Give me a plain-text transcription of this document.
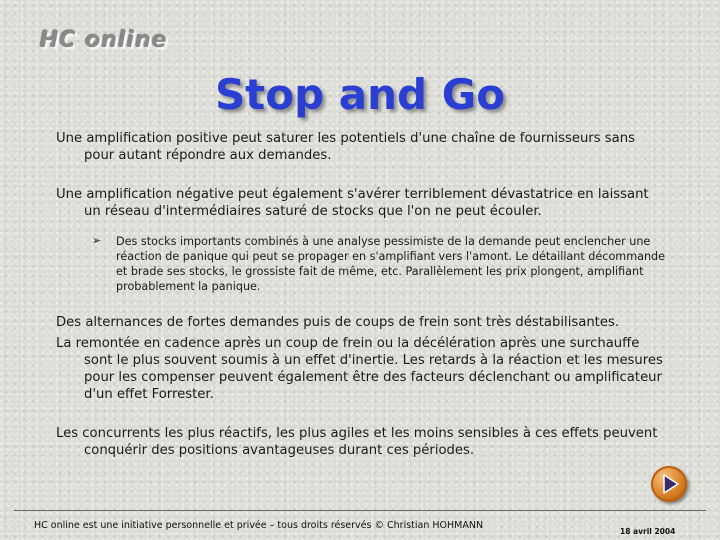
HC online
Stop and Go

Une amplification positive peut saturer les potentiels d'une chaîne de fournisseurs sans pour autant répondre aux demandes.

Une amplification négative peut également s'avérer terriblement dévastatrice en laissant un réseau d'intermédiaires saturé de stocks que l'on ne peut écouler.

➢ Des stocks importants combinés à une analyse pessimiste de la demande peut enclencher une réaction de panique qui peut se propager en s'amplifiant vers l'amont. Le détaillant décommande et brade ses stocks, le grossiste fait de même, etc. Parallèlement les prix plongent, amplifiant probablement la panique.

Des alternances de fortes demandes puis de coups de frein sont très déstabilisantes.

La remontée en cadence après un coup de frein ou la décélération après une surchauffe sont le plus souvent soumis à un effet d'inertie. Les retards à la réaction et les mesures pour les compenser peuvent également être des facteurs déclenchant ou amplificateur d'un effet Forrester.

Les concurrents les plus réactifs, les plus agiles et les moins sensibles à ces effets peuvent conquérir des positions avantageuses durant ces périodes.

HC online est une initiative personnelle et privée – tous droits réservés © Christian HOHMANN
18 avril 2004
